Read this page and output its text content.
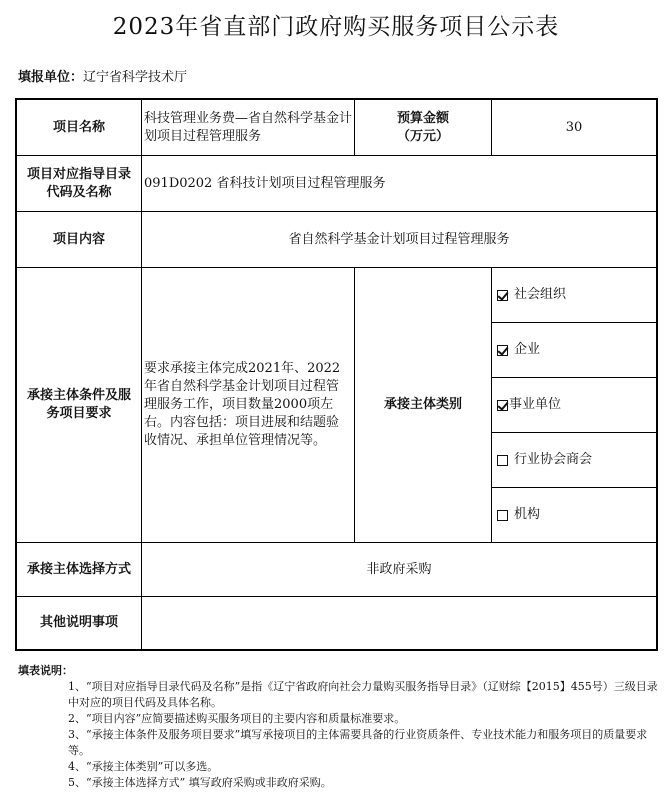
2023年省直部门政府购买服务项目公示表
填报单位：辽宁省科学技术厅
项目名称
科技管理业务费—省自然科学基金计划项目过程管理服务
预算金额
（万元）
30
项目对应指导目录代码及名称
091D0202 省科技计划项目过程管理服务
项目内容	省自然科学基金计划项目过程管理服务
承接主体条件及服务项目要求
要求承接主体完成2021年、2022年省自然科学基金计划项目过程管理服务工作，项目数量2000项左右。内容包括：项目进展和结题验收情况、承担单位管理情况等。
承接主体类别
社会组织
企业
事业单位
行业协会商会
机构
承接主体选择方式	非政府采购
其他说明事项
填表说明：

1、“项目对应指导目录代码及名称”是指《辽宁省政府向社会力量购买服务指导目录》（辽财综【2015】455号）三级目录中对应的项目代码及具体名称。

2、“项目内容”应简要描述购买服务项目的主要内容和质量标准要求。

3、“承接主体条件及服务项目要求”填写承接项目的主体需要具备的行业资质条件、专业技术能力和服务项目的质量要求等。

4、“承接主体类别”可以多选。

5、“承接主体选择方式” 填写政府采购或非政府采购。
